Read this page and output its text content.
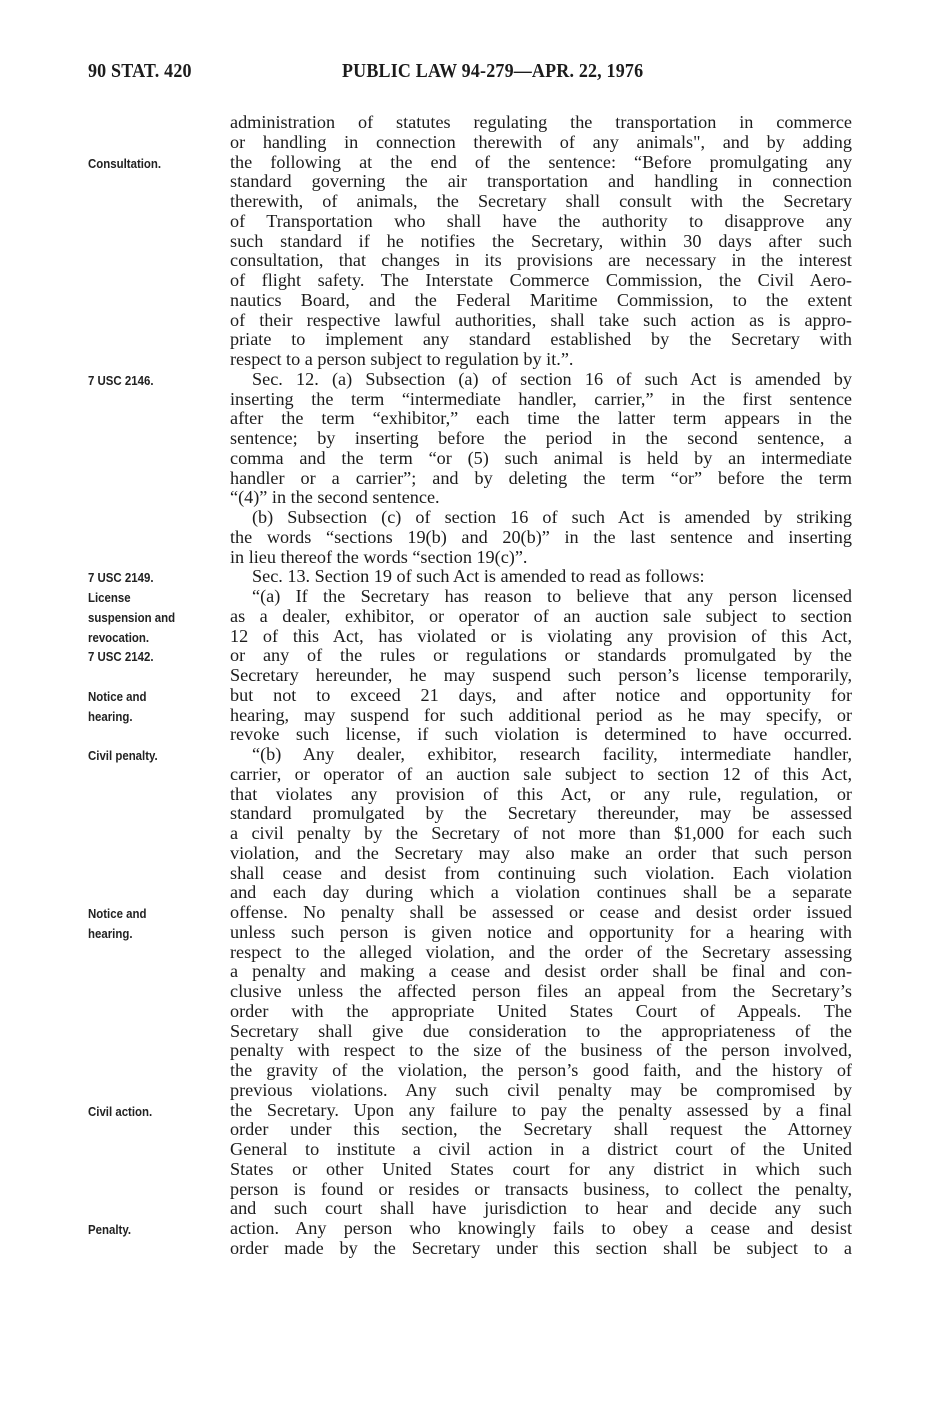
90 STAT. 420	PUBLIC LAW 94-279—APR. 22, 1976
administration of statutes regulating the transportation in commerce
or handling in connection therewith of any animals", and by adding
the following at the end of the sentence: “Before promulgating any
standard governing the air transportation and handling in connection
therewith, of animals, the Secretary shall consult with the Secretary
of Transportation who shall have the authority to disapprove any
such standard if he notifies the Secretary, within 30 days after such
consultation, that changes in its provisions are necessary in the interest
of flight safety. The Interstate Commerce Commission, the Civil Aero-
nautics Board, and the Federal Maritime Commission, to the extent
of their respective lawful authorities, shall take such action as is appro-
priate to implement any standard established by the Secretary with
respect to a person subject to regulation by it.”.
Sec. 12. (a) Subsection (a) of section 16 of such Act is amended by
inserting the term “intermediate handler, carrier,” in the first sentence
after the term “exhibitor,” each time the latter term appears in the
sentence; by inserting before the period in the second sentence, a
comma and the term “or (5) such animal is held by an intermediate
handler or a carrier”; and by deleting the term “or” before the term
“(4)” in the second sentence.
(b) Subsection (c) of section 16 of such Act is amended by striking
the words “sections 19(b) and 20(b)” in the last sentence and inserting
in lieu thereof the words “section 19(c)”.
Sec. 13. Section 19 of such Act is amended to read as follows:
“(a) If the Secretary has reason to believe that any person licensed
as a dealer, exhibitor, or operator of an auction sale subject to section
12 of this Act, has violated or is violating any provision of this Act,
or any of the rules or regulations or standards promulgated by the
Secretary hereunder, he may suspend such person’s license temporarily,
but not to exceed 21 days, and after notice and opportunity for
hearing, may suspend for such additional period as he may specify, or
revoke such license, if such violation is determined to have occurred.
“(b) Any dealer, exhibitor, research facility, intermediate handler,
carrier, or operator of an auction sale subject to section 12 of this Act,
that violates any provision of this Act, or any rule, regulation, or
standard promulgated by the Secretary thereunder, may be assessed
a civil penalty by the Secretary of not more than $1,000 for each such
violation, and the Secretary may also make an order that such person
shall cease and desist from continuing such violation. Each violation
and each day during which a violation continues shall be a separate
offense. No penalty shall be assessed or cease and desist order issued
unless such person is given notice and opportunity for a hearing with
respect to the alleged violation, and the order of the Secretary assessing
a penalty and making a cease and desist order shall be final and con-
clusive unless the affected person files an appeal from the Secretary’s
order with the appropriate United States Court of Appeals. The
Secretary shall give due consideration to the appropriateness of the
penalty with respect to the size of the business of the person involved,
the gravity of the violation, the person’s good faith, and the history of
previous violations. Any such civil penalty may be compromised by
the Secretary. Upon any failure to pay the penalty assessed by a final
order under this section, the Secretary shall request the Attorney
General to institute a civil action in a district court of the United
States or other United States court for any district in which such
person is found or resides or transacts business, to collect the penalty,
and such court shall have jurisdiction to hear and decide any such
action. Any person who knowingly fails to obey a cease and desist
order made by the Secretary under this section shall be subject to a
Consultation.
7 USC 2146.
7 USC 2149.
License
suspension and
revocation.
7 USC 2142.
Notice and
hearing.
Civil penalty.
Notice and
hearing.
Civil action.
Penalty.
